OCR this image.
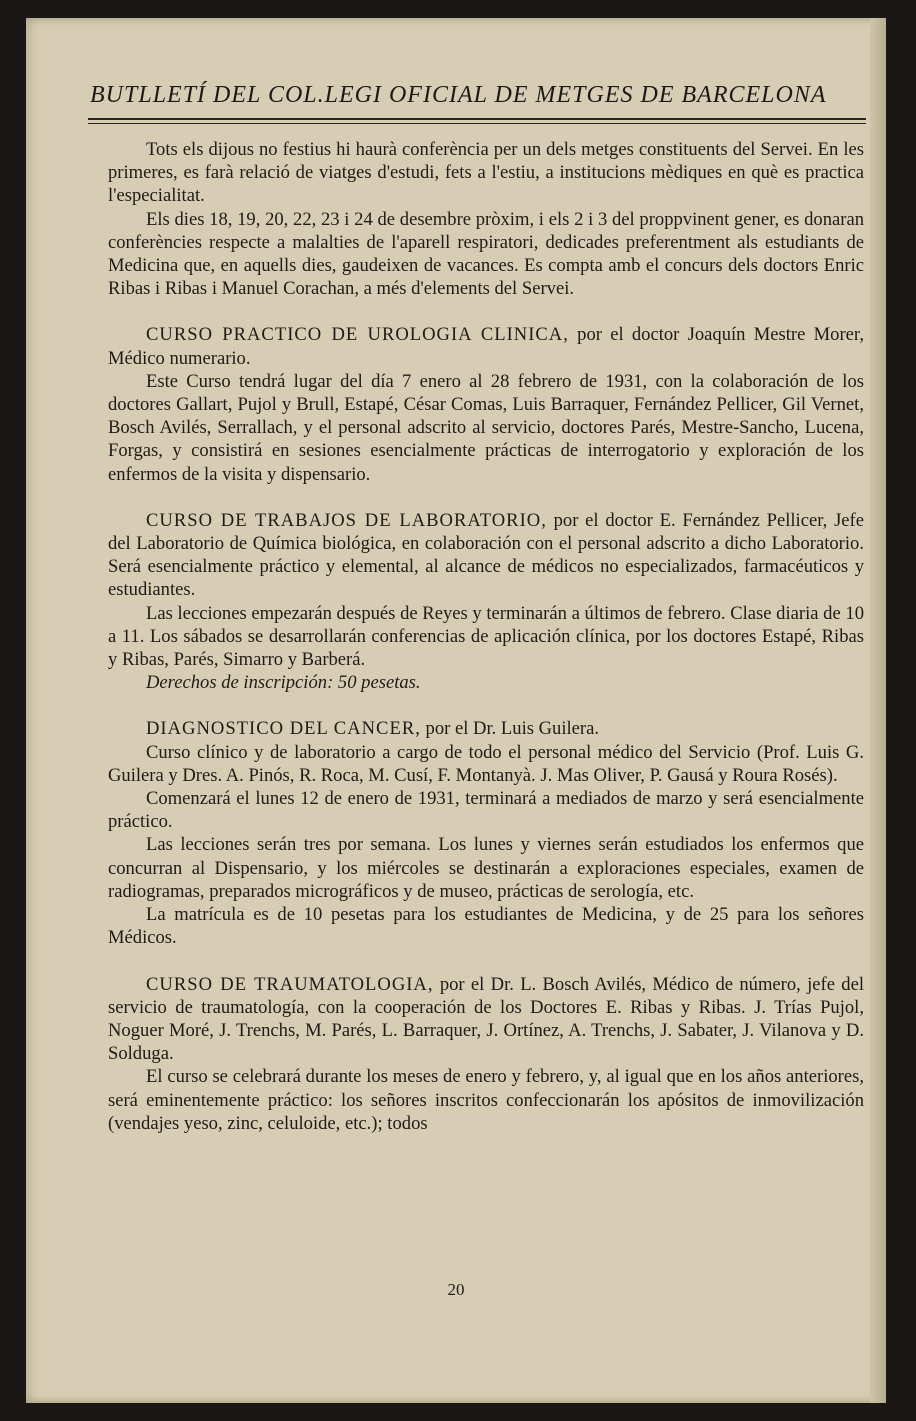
BUTLLETÍ DEL COL.LEGI OFICIAL DE METGES DE BARCELONA

Tots els dijous no festius hi haurà conferència per un dels metges constituents del Servei. En les primeres, es farà relació de viatges d'estudi, fets a l'estiu, a institucions mèdiques en què es practica l'especialitat.

Els dies 18, 19, 20, 22, 23 i 24 de desembre pròxim, i els 2 i 3 del proppvinent gener, es donaran conferències respecte a malalties de l'aparell respiratori, dedicades preferentment als estudiants de Medicina que, en aquells dies, gaudeixen de vacances. Es compta amb el concurs dels doctors Enric Ribas i Ribas i Manuel Corachan, a més d'elements del Servei.

CURSO PRACTICO DE UROLOGIA CLINICA, por el doctor Joaquín Mestre Morer, Médico numerario.

Este Curso tendrá lugar del día 7 enero al 28 febrero de 1931, con la colaboración de los doctores Gallart, Pujol y Brull, Estapé, César Comas, Luis Barraquer, Fernández Pellicer, Gil Vernet, Bosch Avilés, Serrallach, y el personal adscrito al servicio, doctores Parés, Mestre-Sancho, Lucena, Forgas, y consistirá en sesiones esencialmente prácticas de interrogatorio y exploración de los enfermos de la visita y dispensario.

CURSO DE TRABAJOS DE LABORATORIO, por el doctor E. Fernández Pellicer, Jefe del Laboratorio de Química biológica, en colaboración con el personal adscrito a dicho Laboratorio. Será esencialmente práctico y elemental, al alcance de médicos no especializados, farmacéuticos y estudiantes.

Las lecciones empezarán después de Reyes y terminarán a últimos de febrero. Clase diaria de 10 a 11. Los sábados se desarrollarán conferencias de aplicación clínica, por los doctores Estapé, Ribas y Ribas, Parés, Simarro y Barberá.

Derechos de inscripción: 50 pesetas.

DIAGNOSTICO DEL CANCER, por el Dr. Luis Guilera.

Curso clínico y de laboratorio a cargo de todo el personal médico del Servicio (Prof. Luis G. Guilera y Dres. A. Pinós, R. Roca, M. Cusí, F. Montanyà. J. Mas Oliver, P. Gausá y Roura Rosés).

Comenzará el lunes 12 de enero de 1931, terminará a mediados de marzo y será esencialmente práctico.

Las lecciones serán tres por semana. Los lunes y viernes serán estudiados los enfermos que concurran al Dispensario, y los miércoles se destinarán a exploraciones especiales, examen de radiogramas, preparados micrográficos y de museo, prácticas de serología, etc.

La matrícula es de 10 pesetas para los estudiantes de Medicina, y de 25 para los señores Médicos.

CURSO DE TRAUMATOLOGIA, por el Dr. L. Bosch Avilés, Médico de número, jefe del servicio de traumatología, con la cooperación de los Doctores E. Ribas y Ribas. J. Trías Pujol, Noguer Moré, J. Trenchs, M. Parés, L. Barraquer, J. Ortínez, A. Trenchs, J. Sabater, J. Vilanova y D. Solduga.

El curso se celebrará durante los meses de enero y febrero, y, al igual que en los años anteriores, será eminentemente práctico: los señores inscritos confeccionarán los apósitos de inmovilización (vendajes yeso, zinc, celuloide, etc.); todos

20
